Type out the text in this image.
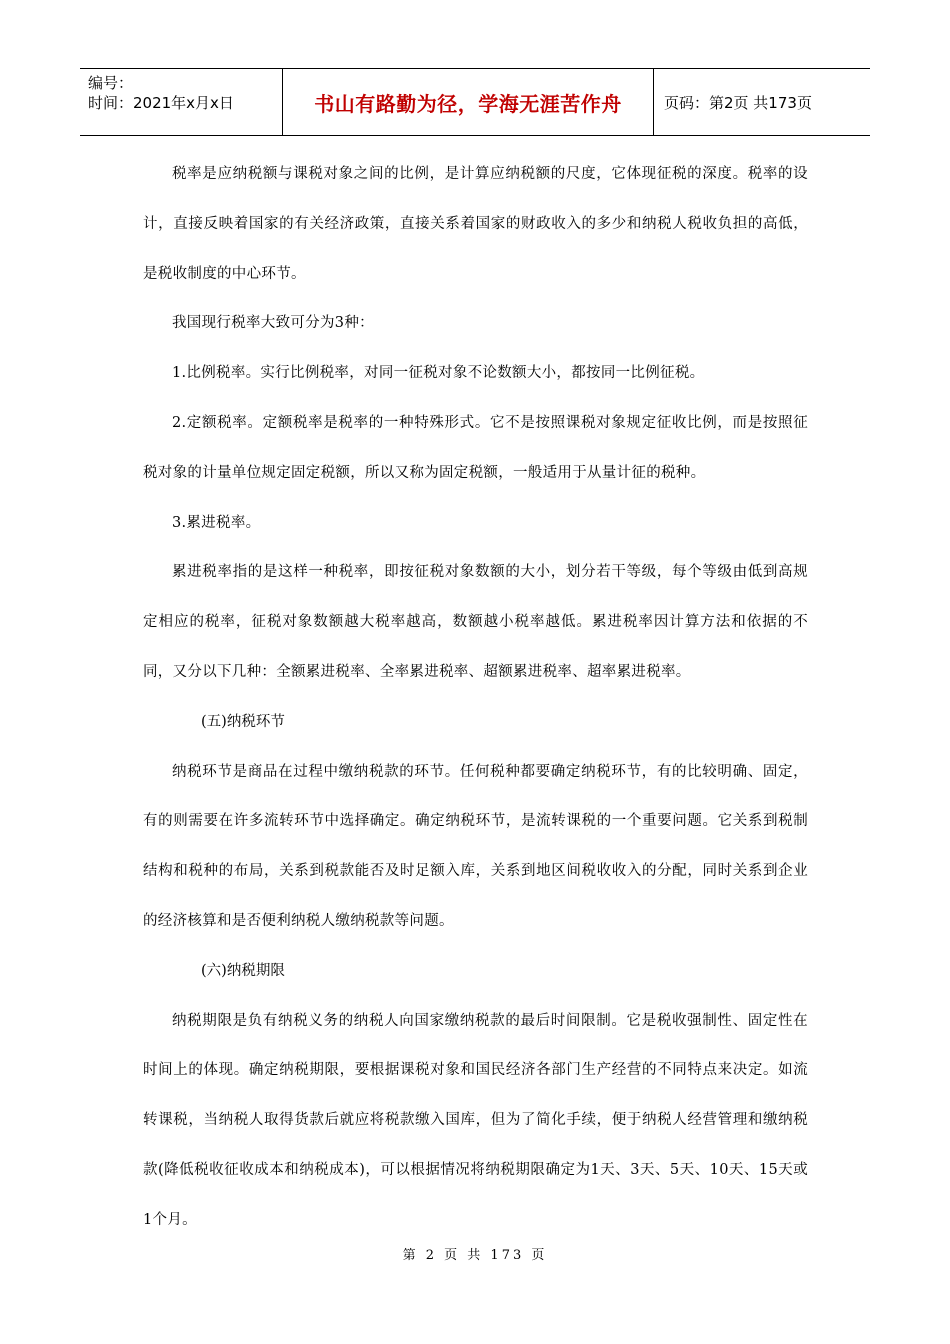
编号：
时间：2021年x月x日	书山有路勤为径，学海无涯苦作舟	页码：第2页 共173页

税率是应纳税额与课税对象之间的比例，是计算应纳税额的尺度，它体现征税的深度。税率的设计，直接反映着国家的有关经济政策，直接关系着国家的财政收入的多少和纳税人税收负担的高低，是税收制度的中心环节。

我国现行税率大致可分为3种：

1.比例税率。实行比例税率，对同一征税对象不论数额大小，都按同一比例征税。

2.定额税率。定额税率是税率的一种特殊形式。它不是按照课税对象规定征收比例，而是按照征税对象的计量单位规定固定税额，所以又称为固定税额，一般适用于从量计征的税种。

3.累进税率。

累进税率指的是这样一种税率，即按征税对象数额的大小，划分若干等级，每个等级由低到高规定相应的税率，征税对象数额越大税率越高，数额越小税率越低。累进税率因计算方法和依据的不同，又分以下几种：全额累进税率、全率累进税率、超额累进税率、超率累进税率。

(五)纳税环节

纳税环节是商品在过程中缴纳税款的环节。任何税种都要确定纳税环节，有的比较明确、固定，有的则需要在许多流转环节中选择确定。确定纳税环节，是流转课税的一个重要问题。它关系到税制结构和税种的布局，关系到税款能否及时足额入库，关系到地区间税收收入的分配，同时关系到企业的经济核算和是否便利纳税人缴纳税款等问题。

(六)纳税期限

纳税期限是负有纳税义务的纳税人向国家缴纳税款的最后时间限制。它是税收强制性、固定性在时间上的体现。确定纳税期限，要根据课税对象和国民经济各部门生产经营的不同特点来决定。如流转课税，当纳税人取得货款后就应将税款缴入国库，但为了简化手续，便于纳税人经营管理和缴纳税款(降低税收征收成本和纳税成本)，可以根据情况将纳税期限确定为1天、3天、5天、10天、15天或1个月。

第 2 页 共 173 页
